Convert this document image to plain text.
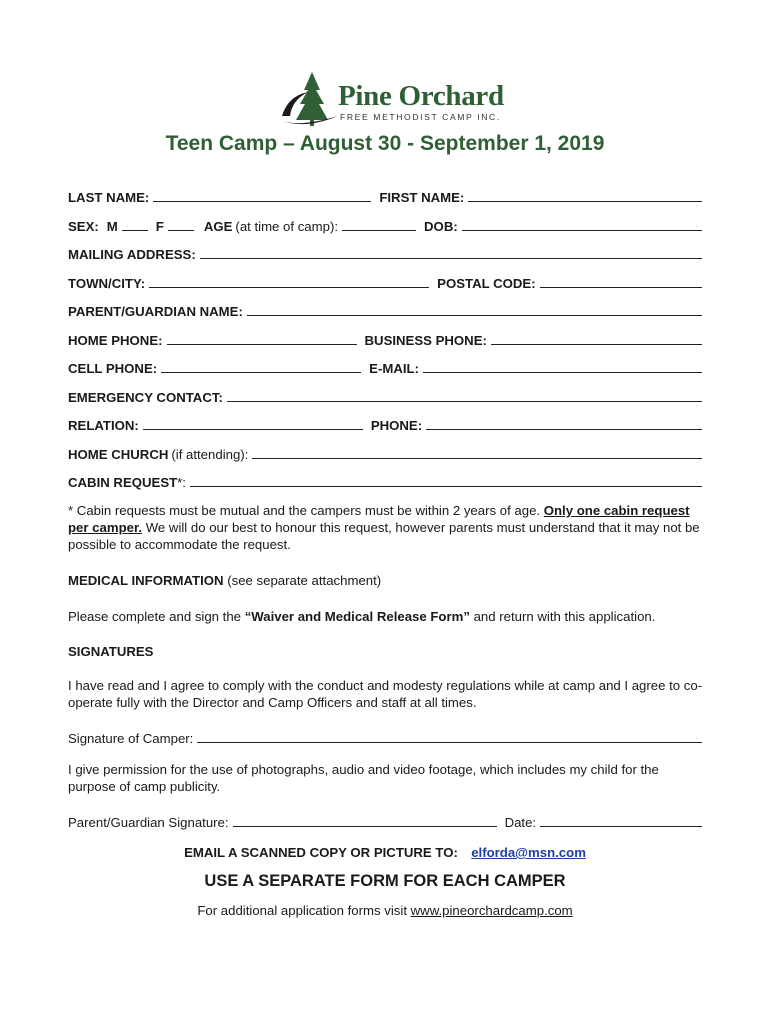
Pine Orchard
FREE METHODIST CAMP INC.
Teen Camp – August 30 - September 1, 2019
LAST NAME:	FIRST NAME:
SEX: M	F	AGE (at time of camp):	DOB:
MAILING ADDRESS:
TOWN/CITY:	POSTAL CODE:
PARENT/GUARDIAN NAME:
HOME PHONE:	BUSINESS PHONE:
CELL PHONE:	E-MAIL:
EMERGENCY CONTACT:
RELATION:	PHONE:
HOME CHURCH (if attending):
CABIN REQUEST *:
* Cabin requests must be mutual and the campers must be within 2 years of age. Only one cabin request per camper. We will do our best to honour this request, however parents must understand that it may not be possible to accommodate the request.
MEDICAL INFORMATION (see separate attachment)
Please complete and sign the “Waiver and Medical Release Form” and return with this application.
SIGNATURES
I have read and I agree to comply with the conduct and modesty regulations while at camp and I agree to co-operate fully with the Director and Camp Officers and staff at all times.
Signature of Camper:
I give permission for the use of photographs, audio and video footage, which includes my child for the purpose of camp publicity.
Parent/Guardian Signature:	Date:
EMAIL A SCANNED COPY OR PICTURE TO: elforda@msn.com
USE A SEPARATE FORM FOR EACH CAMPER
For additional application forms visit www.pineorchardcamp.com
